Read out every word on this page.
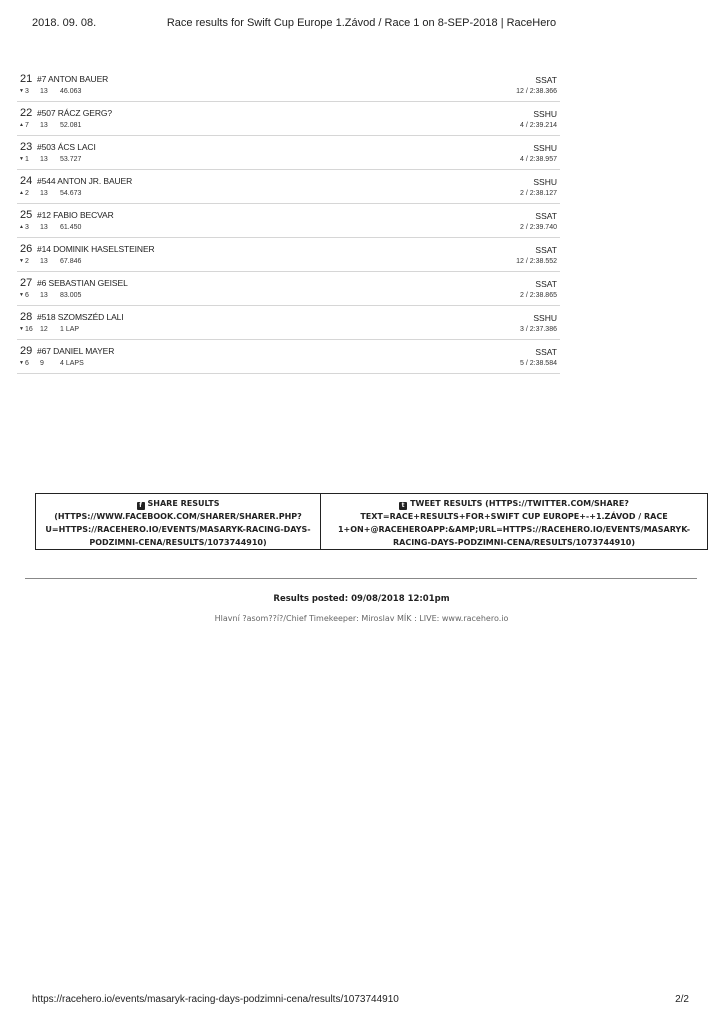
2018. 09. 08.	Race results for Swift Cup Europe 1.Závod / Race 1 on 8-SEP-2018 | RaceHero
21 #7 ANTON BAUER	SSAT
▼3 13 46.063	12 / 2:38.366
22 #507 RÁCZ GERG?	SSHU
▲7 13 52.081	4 / 2:39.214
23 #503 ÁCS LACI	SSHU
▼1 13 53.727	4 / 2:38.957
24 #544 ANTON JR. BAUER	SSHU
▲2 13 54.673	2 / 2:38.127
25 #12 FABIO BECVAR	SSAT
▲3 13 61.450	2 / 2:39.740
26 #14 DOMINIK HASELSTEINER	SSAT
▼2 13 67.846	12 / 2:38.552
27 #6 SEBASTIAN GEISEL	SSAT
▼6 13 83.005	2 / 2:38.865
28 #518 SZOMSZÉD LALI	SSHU
▼16 12 1 LAP	3 / 2:37.386
29 #67 DANIEL MAYER	SSAT
▼6 9 4 LAPS	5 / 2:38.584
f SHARE RESULTS (HTTPS://WWW.FACEBOOK.COM/SHARER/SHARER.PHP?U=HTTPS://RACEHERO.IO/EVENTS/MASARYK-RACING-DAYS-PODZIMNI-CENA/RESULTS/1073744910)
t TWEET RESULTS (HTTPS://TWITTER.COM/SHARE?TEXT=RACE+RESULTS+FOR+SWIFT CUP EUROPE+-+1.ZÁVOD / RACE 1+ON+@RACEHEROAPP:&AMP;URL=HTTPS://RACEHERO.IO/EVENTS/MASARYK-RACING-DAYS-PODZIMNI-CENA/RESULTS/1073744910)
Results posted: 09/08/2018 12:01pm
Hlavní ?asom??í?/Chief Timekeeper: Miroslav MÍK : LIVE: www.racehero.io
https://racehero.io/events/masaryk-racing-days-podzimni-cena/results/1073744910	2/2
